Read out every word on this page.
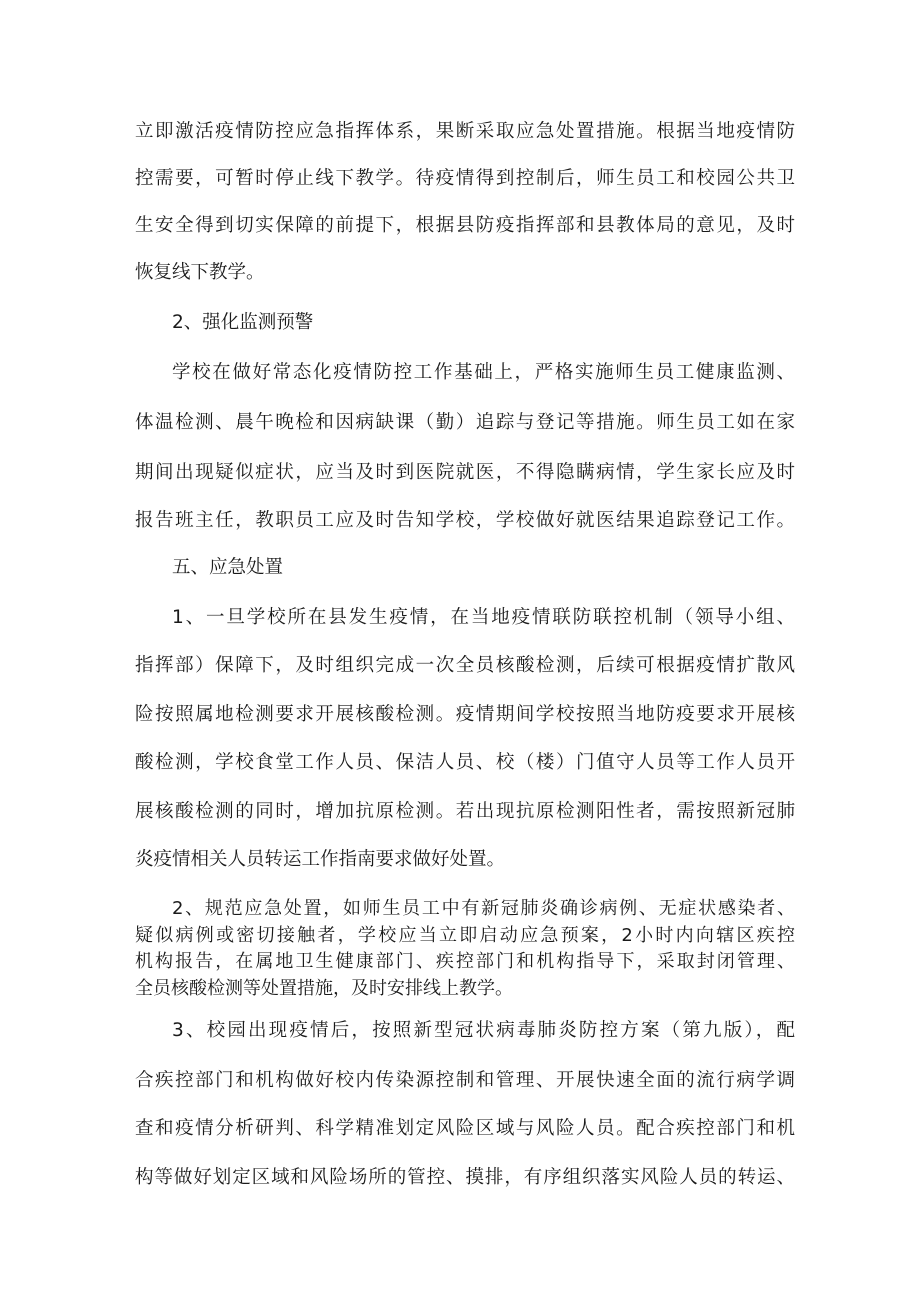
立即激活疫情防控应急指挥体系，果断采取应急处置措施。根据当地疫情防
控需要，可暂时停止线下教学。待疫情得到控制后，师生员工和校园公共卫
生安全得到切实保障的前提下，根据县防疫指挥部和县教体局的意见，及时
恢复线下教学。
2、强化监测预警
学校在做好常态化疫情防控工作基础上，严格实施师生员工健康监测、
体温检测、晨午晚检和因病缺课（勤）追踪与登记等措施。师生员工如在家
期间出现疑似症状，应当及时到医院就医，不得隐瞒病情，学生家长应及时
报告班主任，教职员工应及时告知学校，学校做好就医结果追踪登记工作。
五、应急处置
1、一旦学校所在县发生疫情，在当地疫情联防联控机制（领导小组、
指挥部）保障下，及时组织完成一次全员核酸检测，后续可根据疫情扩散风
险按照属地检测要求开展核酸检测。疫情期间学校按照当地防疫要求开展核
酸检测，学校食堂工作人员、保洁人员、校（楼）门值守人员等工作人员开
展核酸检测的同时，增加抗原检测。若出现抗原检测阳性者，需按照新冠肺
炎疫情相关人员转运工作指南要求做好处置。
2、规范应急处置，如师生员工中有新冠肺炎确诊病例、无症状感染者、
疑似病例或密切接触者，学校应当立即启动应急预案，2小时内向辖区疾控
机构报告，在属地卫生健康部门、疾控部门和机构指导下，采取封闭管理、
全员核酸检测等处置措施，及时安排线上教学。
3、校园出现疫情后，按照新型冠状病毒肺炎防控方案（第九版），配
合疾控部门和机构做好校内传染源控制和管理、开展快速全面的流行病学调
查和疫情分析研判、科学精准划定风险区域与风险人员。配合疾控部门和机
构等做好划定区域和风险场所的管控、摸排，有序组织落实风险人员的转运、
